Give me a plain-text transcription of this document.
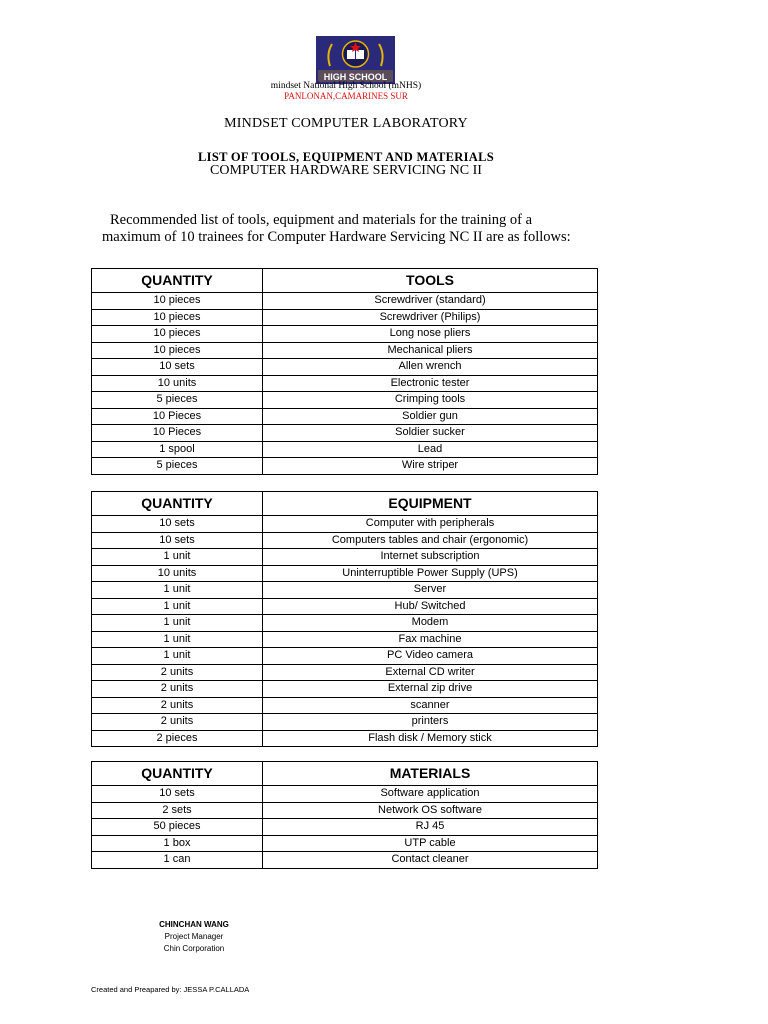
HIGH SCHOOL
mindset National High School (mNHS)
PANLONAN,CAMARINES SUR
MINDSET COMPUTER LABORATORY
LIST OF TOOLS, EQUIPMENT AND MATERIALS
COMPUTER HARDWARE SERVICING NC II
Recommended list of tools, equipment and materials for the training of a
maximum of 10 trainees for Computer Hardware Servicing NC II are as follows:
QUANTITY	TOOLS
10 pieces	Screwdriver (standard)
10 pieces	Screwdriver (Philips)
10 pieces	Long nose pliers
10 pieces	Mechanical pliers
10 sets	Allen wrench
10 units	Electronic tester
5 pieces	Crimping tools
10 Pieces	Soldier gun
10 Pieces	Soldier sucker
1 spool	Lead
5 pieces	Wire striper
QUANTITY	EQUIPMENT
10 sets	Computer with peripherals
10 sets	Computers tables and chair (ergonomic)
1 unit	Internet subscription
10 units	Uninterruptible Power Supply (UPS)
1 unit	Server
1 unit	Hub/ Switched
1 unit	Modem
1 unit	Fax machine
1 unit	PC Video camera
2 units	External CD writer
2 units	External zip drive
2 units	scanner
2 units	printers
2 pieces	Flash disk / Memory stick
QUANTITY	MATERIALS
10 sets	Software application
2 sets	Network OS software
50 pieces	RJ 45
1 box	UTP cable
1 can	Contact cleaner
CHINCHAN WANG
Project Manager
Chin Corporation
Created and Preapared by: JESSA P.CALLADA
